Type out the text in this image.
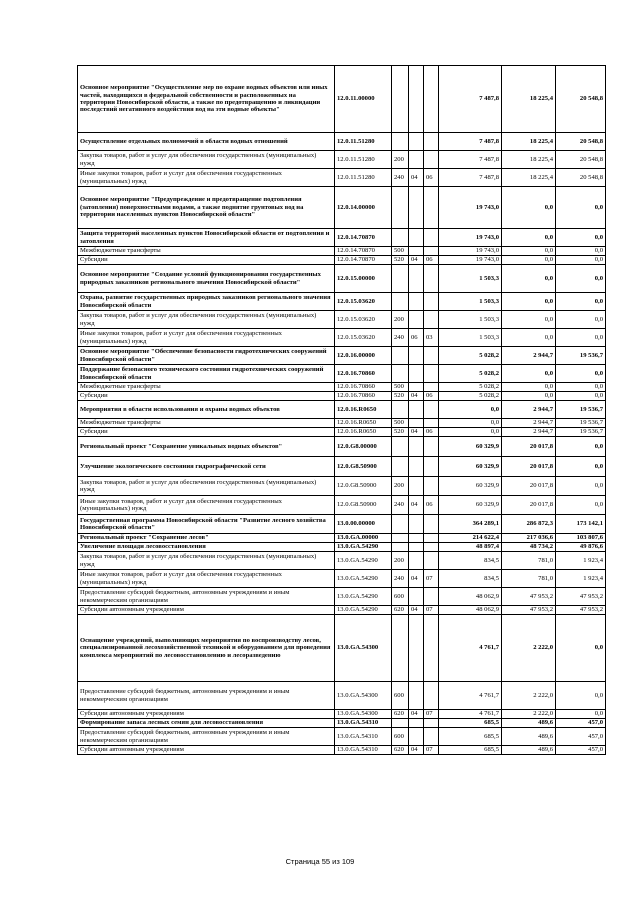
Основное мероприятие "Осуществление мер по охране водных объектов или иных частей, находящихся в федеральной собственности и расположенных на территории Новосибирской области, а также по предотвращению и ликвидации последствий негативного воздействия вод на эти водные объекты"	12.0.11.00000				7 487,8	18 225,4	20 548,8
Осуществление отдельных полномочий в области водных отношений	12.0.11.51280				7 487,8	18 225,4	20 548,8
Закупка товаров, работ и услуг для обеспечения государственных (муниципальных) нужд	12.0.11.51280	200			7 487,8	18 225,4	20 548,8
Иные закупки товаров, работ и услуг для обеспечения государственных (муниципальных) нужд	12.0.11.51280	240	04	06	7 487,8	18 225,4	20 548,8
Основное мероприятие "Предупреждение и предотвращение подтопления (затопления) поверхностными водами, а также поднятие грунтовых вод на территории населенных пунктов Новосибирской области"	12.0.14.00000				19 743,0	0,0	0,0
Защита территорий населенных пунктов Новосибирской области от подтопления и затопления	12.0.14.70870				19 743,0	0,0	0,0
Межбюджетные трансферты	12.0.14.70870	500			19 743,0	0,0	0,0
Субсидии	12.0.14.70870	520	04	06	19 743,0	0,0	0,0
Основное мероприятие "Создание условий функционирования государственных природных заказников регионального значения Новосибирской области"	12.0.15.00000				1 503,3	0,0	0,0
Охрана, развитие государственных природных заказников регионального значения Новосибирской области	12.0.15.03620				1 503,3	0,0	0,0
Закупка товаров, работ и услуг для обеспечения государственных (муниципальных) нужд	12.0.15.03620	200			1 503,3	0,0	0,0
Иные закупки товаров, работ и услуг для обеспечения государственных (муниципальных) нужд	12.0.15.03620	240	06	03	1 503,3	0,0	0,0
Основное мероприятие "Обеспечение безопасности гидротехнических сооружений Новосибирской области"	12.0.16.00000				5 028,2	2 944,7	19 536,7
Поддержание безопасного технического состояния гидротехнических сооружений Новосибирской области	12.0.16.70860				5 028,2	0,0	0,0
Межбюджетные трансферты	12.0.16.70860	500			5 028,2	0,0	0,0
Субсидии	12.0.16.70860	520	04	06	5 028,2	0,0	0,0
Мероприятия в области использования и охраны водных объектов	12.0.16.R0650				0,0	2 944,7	19 536,7
Межбюджетные трансферты	12.0.16.R0650	500			0,0	2 944,7	19 536,7
Субсидии	12.0.16.R0650	520	04	06	0,0	2 944,7	19 536,7
Региональный проект "Сохранение уникальных водных объектов"	12.0.G8.00000				60 329,9	20 017,8	0,0
Улучшение экологического состояния гидрографической сети	12.0.G8.50900				60 329,9	20 017,8	0,0
Закупка товаров, работ и услуг для обеспечения государственных (муниципальных) нужд	12.0.G8.50900	200			60 329,9	20 017,8	0,0
Иные закупки товаров, работ и услуг для обеспечения государственных (муниципальных) нужд	12.0.G8.50900	240	04	06	60 329,9	20 017,8	0,0
Государственная программа Новосибирской области "Развитие лесного хозяйства Новосибирской области"	13.0.00.00000				364 289,1	286 872,3	173 142,1
Региональный проект "Сохранение лесов"	13.0.GA.00000				214 622,4	217 036,6	103 807,6
Увеличение площади лесовосстановления	13.0.GA.54290				48 897,4	48 734,2	49 876,6
Закупка товаров, работ и услуг для обеспечения государственных (муниципальных) нужд	13.0.GA.54290	200			834,5	781,0	1 923,4
Иные закупки товаров, работ и услуг для обеспечения государственных (муниципальных) нужд	13.0.GA.54290	240	04	07	834,5	781,0	1 923,4
Предоставление субсидий бюджетным, автономным учреждениям и иным некоммерческим организациям	13.0.GA.54290	600			48 062,9	47 953,2	47 953,2
Субсидии автономным учреждениям	13.0.GA.54290	620	04	07	48 062,9	47 953,2	47 953,2
Оснащение учреждений, выполняющих мероприятия по воспроизводству лесов, специализированной лесохозяйственной техникой и оборудованием для проведения комплекса мероприятий по лесовосстановлению и лесоразведению	13.0.GA.54300				4 761,7	2 222,0	0,0
Предоставление субсидий бюджетным, автономным учреждениям и иным некоммерческим организациям	13.0.GA.54300	600			4 761,7	2 222,0	0,0
Субсидии автономным учреждениям	13.0.GA.54300	620	04	07	4 761,7	2 222,0	0,0
Формирование запаса лесных семян для лесовосстановления	13.0.GA.54310				685,5	489,6	457,0
Предоставление субсидий бюджетным, автономным учреждениям и иным некоммерческим организациям	13.0.GA.54310	600			685,5	489,6	457,0
Субсидии автономным учреждениям	13.0.GA.54310	620	04	07	685,5	489,6	457,0
Страница 55 из 109
